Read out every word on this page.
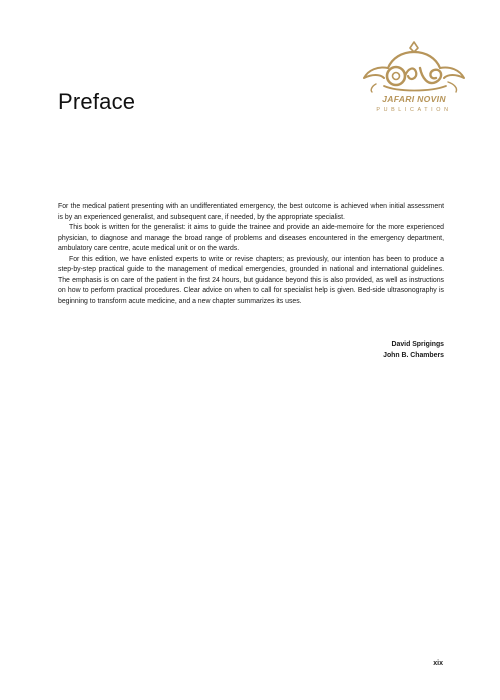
Preface	JAFARI NOVIN
PUBLICATION

For the medical patient presenting with an undifferentiated emergency, the best outcome is achieved when initial assessment is by an experienced generalist, and subsequent care, if needed, by the appropriate specialist.

This book is written for the generalist: it aims to guide the trainee and provide an aide-memoire for the more experienced physician, to diagnose and manage the broad range of problems and diseases encountered in the emergency department, ambulatory care centre, acute medical unit or on the wards.

For this edition, we have enlisted experts to write or revise chapters; as previously, our intention has been to produce a step-by-step practical guide to the management of medical emergencies, grounded in national and international guidelines. The emphasis is on care of the patient in the first 24 hours, but guidance beyond this is also provided, as well as instructions on how to perform practical procedures. Clear advice on when to call for specialist help is given. Bed-side ultrasonography is beginning to transform acute medicine, and a new chapter summarizes its uses.

David Sprigings
John B. Chambers
xix
